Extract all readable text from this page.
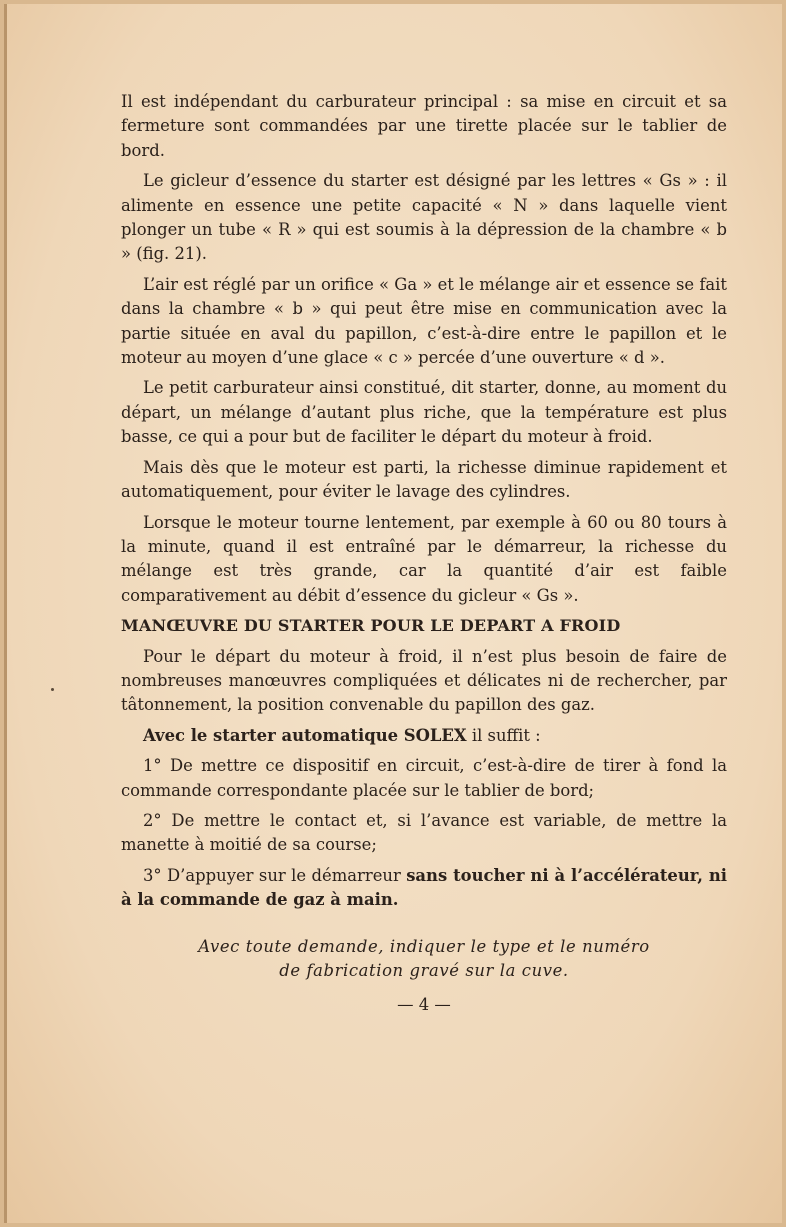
Il est indépendant du carburateur principal : sa mise en circuit et sa fermeture sont commandées par une tirette placée sur le tablier de bord.

Le gicleur d’essence du starter est désigné par les lettres « Gs » : il alimente en essence une petite capacité « N » dans laquelle vient plonger un tube « R » qui est soumis à la dépression de la chambre « b » (fig. 21).

L’air est réglé par un orifice « Ga » et le mélange air et essence se fait dans la chambre « b » qui peut être mise en communication avec la partie située en aval du papillon, c’est-à-dire entre le papillon et le moteur au moyen d’une glace « c » percée d’une ouverture « d ».

Le petit carburateur ainsi constitué, dit starter, donne, au moment du départ, un mélange d’autant plus riche, que la température est plus basse, ce qui a pour but de faciliter le départ du moteur à froid.

Mais dès que le moteur est parti, la richesse diminue rapidement et automatiquement, pour éviter le lavage des cylindres.

Lorsque le moteur tourne lentement, par exemple à 60 ou 80 tours à la minute, quand il est entraîné par le démarreur, la richesse du mélange est très grande, car la quantité d’air est faible comparativement au débit d’essence du gicleur « Gs ».

MANŒUVRE DU STARTER POUR LE DEPART A FROID

Pour le départ du moteur à froid, il n’est plus besoin de faire de nombreuses manœuvres compliquées et délicates ni de rechercher, par tâtonnement, la position convenable du papillon des gaz.

Avec le starter automatique SOLEX il suffit :

1° De mettre ce dispositif en circuit, c’est-à-dire de tirer à fond la commande correspondante placée sur le tablier de bord;

2° De mettre le contact et, si l’avance est variable, de mettre la manette à moitié de sa course;

3° D’appuyer sur le démarreur sans toucher ni à l’accélérateur, ni à la commande de gaz à main.

Avec toute demande, indiquer le type et le numéro
de fabrication gravé sur la cuve.

— 4 —
